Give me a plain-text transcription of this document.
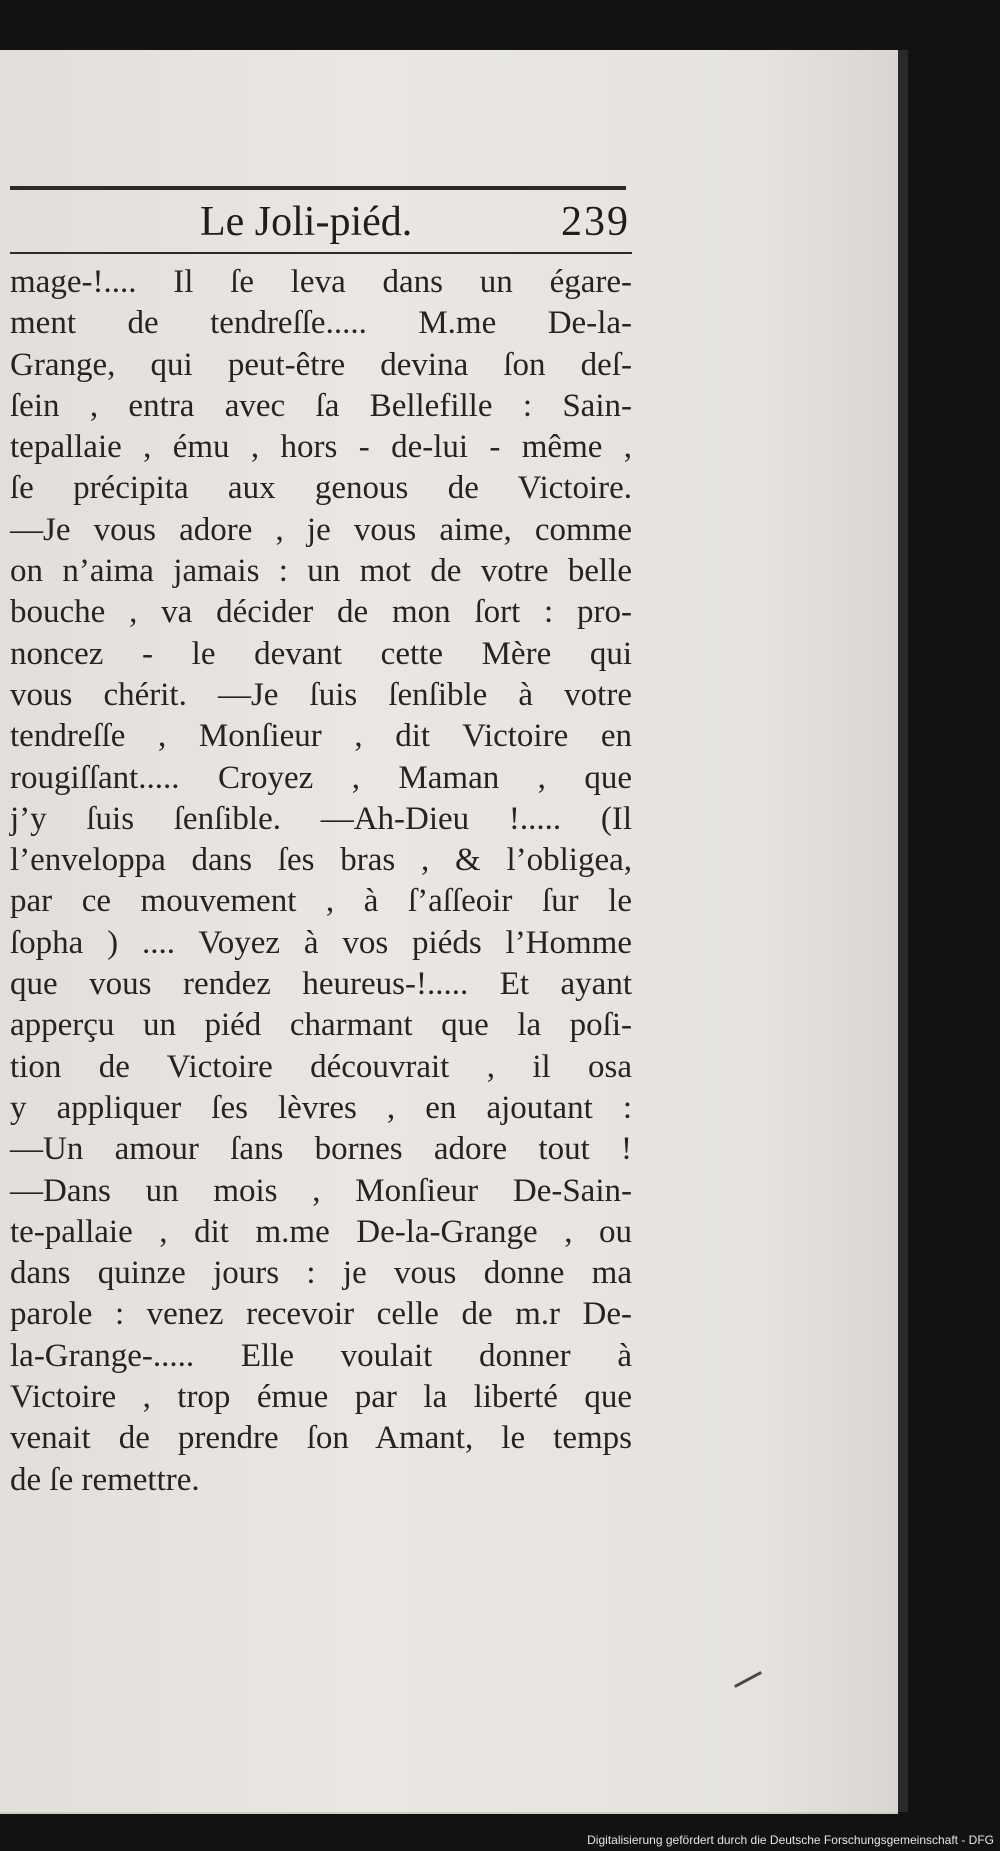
Le Joli-piéd.	239
mage-!.... Il ſe leva dans un égare-
ment de tendreſſe..... M.me De-la-
Grange, qui peut-être devina ſon deſ-
ſein , entra avec ſa Bellefille : Sain-
tepallaie , ému , hors - de-lui - même ,
ſe précipita aux genous de Victoire.
—Je vous adore , je vous aime, comme
on n’aima jamais : un mot de votre belle
bouche , va décider de mon ſort : pro-
noncez - le devant cette Mère qui
vous chérit. —Je ſuis ſenſible à votre
tendreſſe , Monſieur , dit Victoire en
rougiſſant..... Croyez , Maman , que
j’y ſuis ſenſible. —Ah-Dieu !..... (Il
l’enveloppa dans ſes bras , & l’obligea,
par ce mouvement , à ſ’aſſeoir ſur le
ſopha ) .... Voyez à vos piéds l’Homme
que vous rendez heureus-!..... Et ayant
apperçu un piéd charmant que la poſi-
tion de Victoire découvrait , il osa
y appliquer ſes lèvres , en ajoutant :
—Un amour ſans bornes adore tout !
—Dans un mois , Monſieur De-Sain-
te-pallaie , dit m.me De-la-Grange , ou
dans quinze jours : je vous donne ma
parole : venez recevoir celle de m.r De-
la-Grange-..... Elle voulait donner à
Victoire , trop émue par la liberté que
venait de prendre ſon Amant, le temps
de ſe remettre.
Digitalisierung gefördert durch die Deutsche Forschungsgemeinschaft - DFG
